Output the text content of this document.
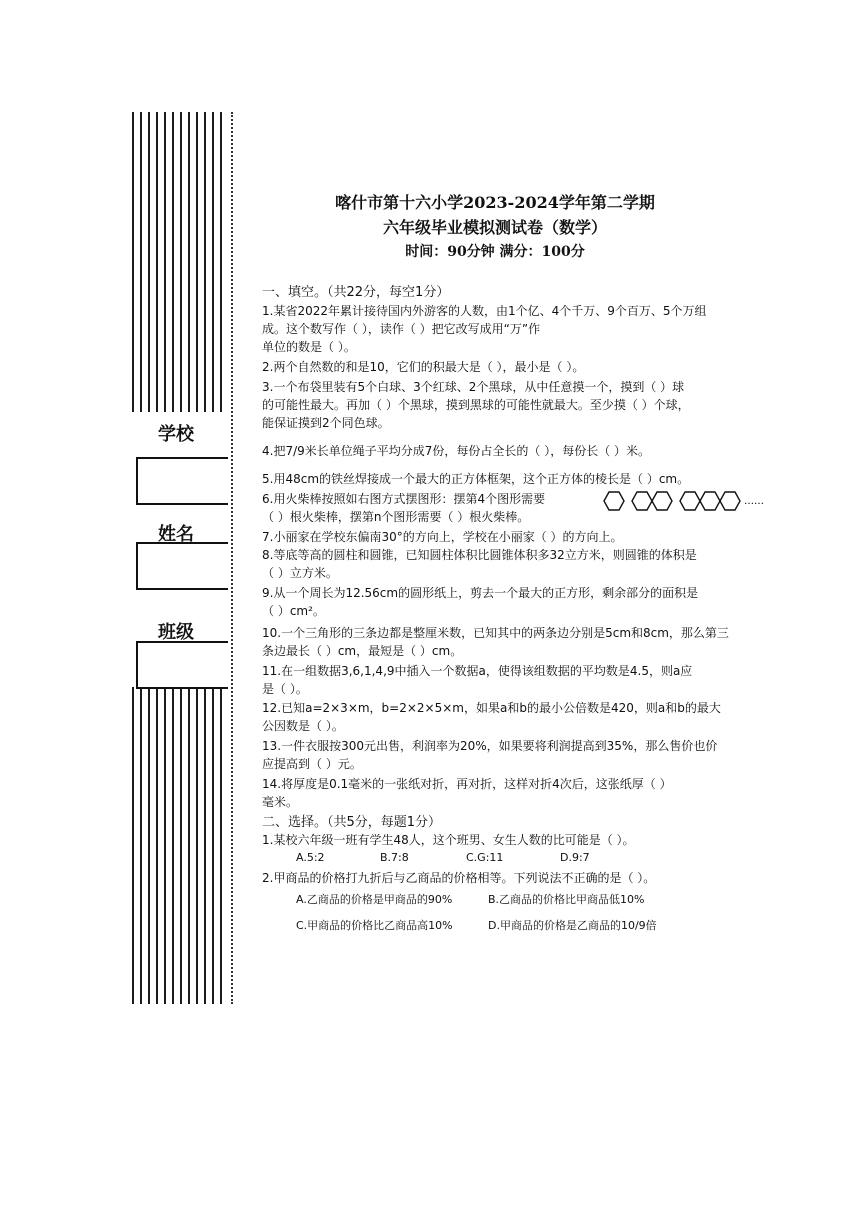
学校
姓名
班级
喀什市第十六小学2023-2024学年第二学期
六年级毕业模拟测试卷（数学）
时间：90分钟 满分：100分
一、填空。（共22分，每空1分）
1.某省2022年累计接待国内外游客的人数，由1个亿、4个千万、9个百万、5个万组
成。这个数写作（ ），读作（ ）把它改写成用“万”作
单位的数是（ ）。
2.两个自然数的和是10，它们的积最大是（ ），最小是（ ）。
3.一个布袋里装有5个白球、3个红球、2个黑球，从中任意摸一个，摸到（ ）球
的可能性最大。再加（ ）个黑球，摸到黑球的可能性就最大。至少摸（ ）个球，
能保证摸到2个同色球。
4.把7/9米长单位绳子平均分成7份，每份占全长的（ ），每份长（ ）米。
5.用48cm的铁丝焊接成一个最大的正方体框架，这个正方体的棱长是（ ）cm。
6.用火柴棒按照如右图方式摆图形：摆第4个图形需要
（ ）根火柴棒，摆第n个图形需要（ ）根火柴棒。
……
7.小丽家在学校东偏南30°的方向上，学校在小丽家（ ）的方向上。
8.等底等高的圆柱和圆锥，已知圆柱体积比圆锥体积多32立方米，则圆锥的体积是
（ ）立方米。
9.从一个周长为12.56cm的圆形纸上，剪去一个最大的正方形，剩余部分的面积是
（ ）cm²。
10.一个三角形的三条边都是整厘米数，已知其中的两条边分别是5cm和8cm，那么第三
条边最长（ ）cm，最短是（ ）cm。
11.在一组数据3,6,1,4,9中插入一个数据a，使得该组数据的平均数是4.5，则a应
是（ ）。
12.已知a=2×3×m，b=2×2×5×m，如果a和b的最小公倍数是420，则a和b的最大
公因数是（ ）。
13.一件衣服按300元出售，利润率为20%，如果要将利润提高到35%，那么售价也价
应提高到（ ）元。
14.将厚度是0.1毫米的一张纸对折，再对折，这样对折4次后，这张纸厚（ ）
毫米。
二、选择。（共5分，每题1分）
1.某校六年级一班有学生48人，这个班男、女生人数的比可能是（ ）。
A.5:2	B.7:8	C.G:11	D.9:7
2.甲商品的价格打九折后与乙商品的价格相等。下列说法不正确的是（ ）。
A.乙商品的价格是甲商品的90%	B.乙商品的价格比甲商品低10%
C.甲商品的价格比乙商品高10%	D.甲商品的价格是乙商品的10/9倍
